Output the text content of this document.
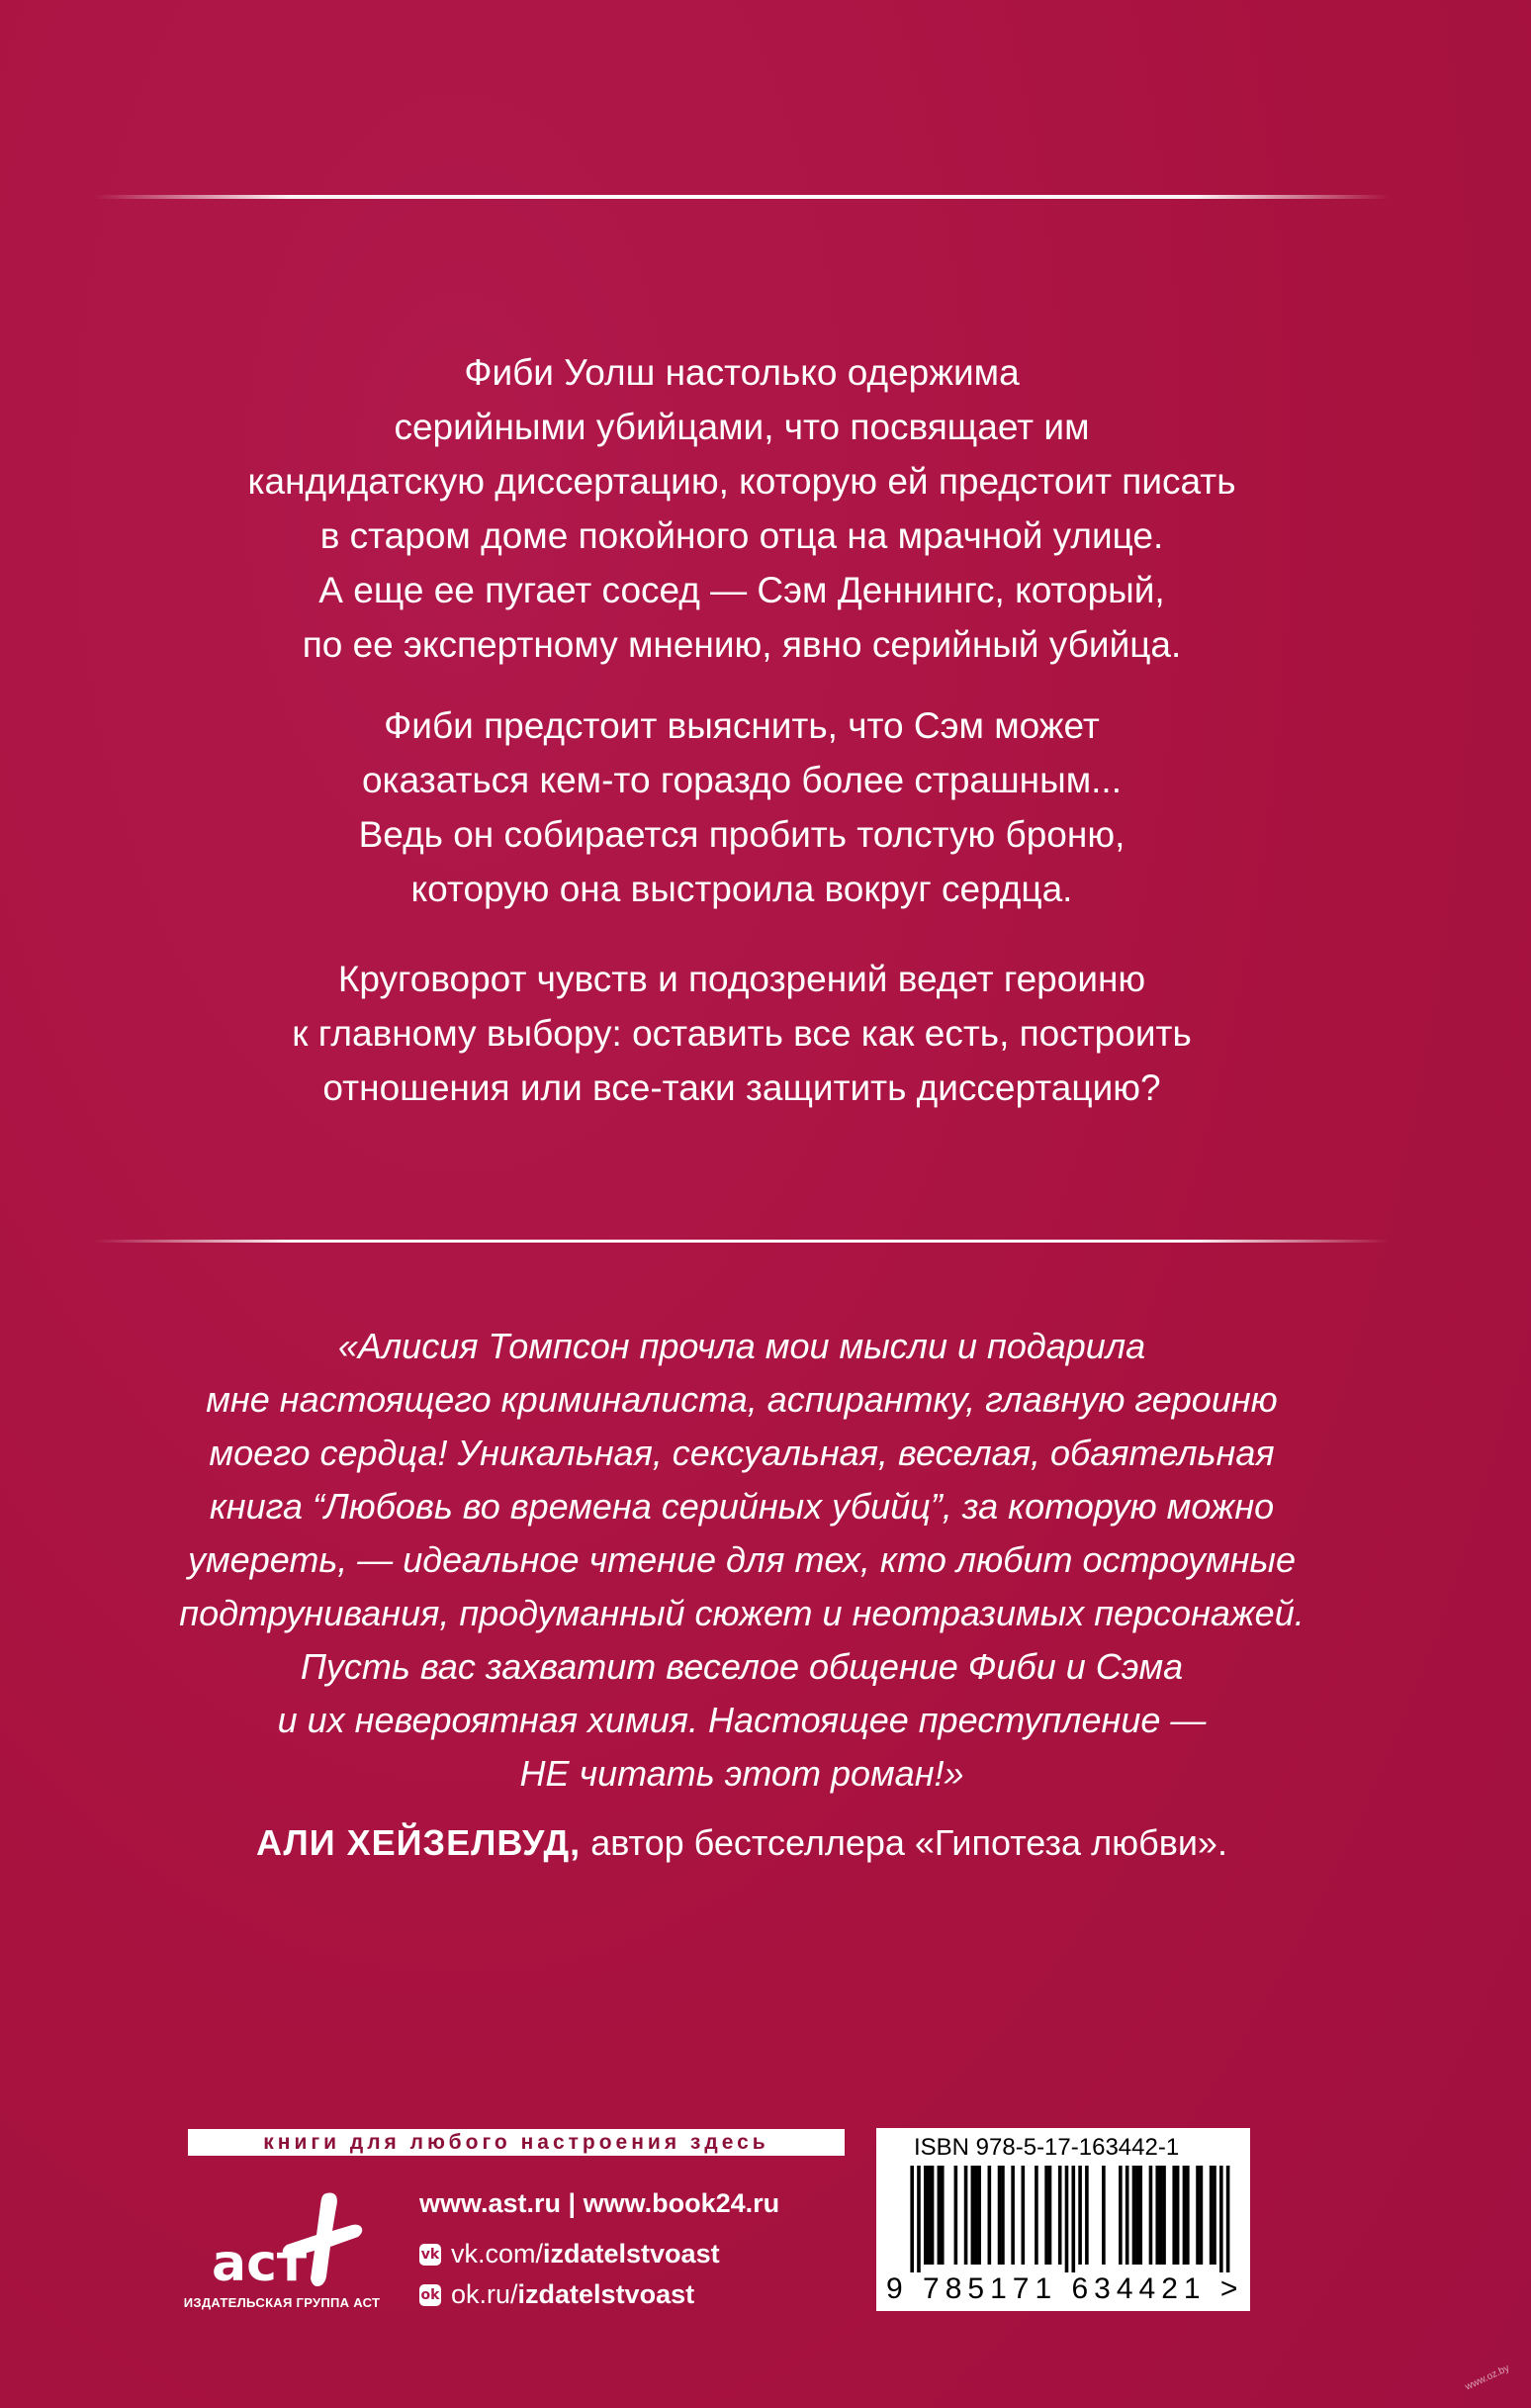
Фиби Уолш настолько одержима
серийными убийцами, что посвящает им
кандидатскую диссертацию, которую ей предстоит писать
в старом доме покойного отца на мрачной улице.
А еще ее пугает сосед — Сэм Деннингс, который,
по ее экспертному мнению, явно серийный убийца.
Фиби предстоит выяснить, что Сэм может
оказаться кем-то гораздо более страшным...
Ведь он собирается пробить толстую броню,
которую она выстроила вокруг сердца.
Круговорот чувств и подозрений ведет героиню
к главному выбору: оставить все как есть, построить
отношения или все-таки защитить диссертацию?
«Алисия Томпсон прочла мои мысли и подарила
мне настоящего криминалиста, аспирантку, главную героиню
моего сердца! Уникальная, сексуальная, веселая, обаятельная
книга “Любовь во времена серийных убийц”, за которую можно
умереть, — идеальное чтение для тех, кто любит остроумные
подтрунивания, продуманный сюжет и неотразимых персонажей.
Пусть вас захватит веселое общение Фиби и Сэма
и их невероятная химия. Настоящее преступление —
НЕ читать этот роман!»
АЛИ ХЕЙЗЕЛВУД, автор бестселлера «Гипотеза любви».
книги для любого настроения здесь
аст
ИЗДАТЕЛЬСКАЯ ГРУППА АСТ
www.ast.ru | www.book24.ru
vk vk.com/ izdatelstvoast
ok ok.ru/ izdatelstvoast
ISBN 978-5-17-163442-1
9 785171 634421 >
www.oz.by
